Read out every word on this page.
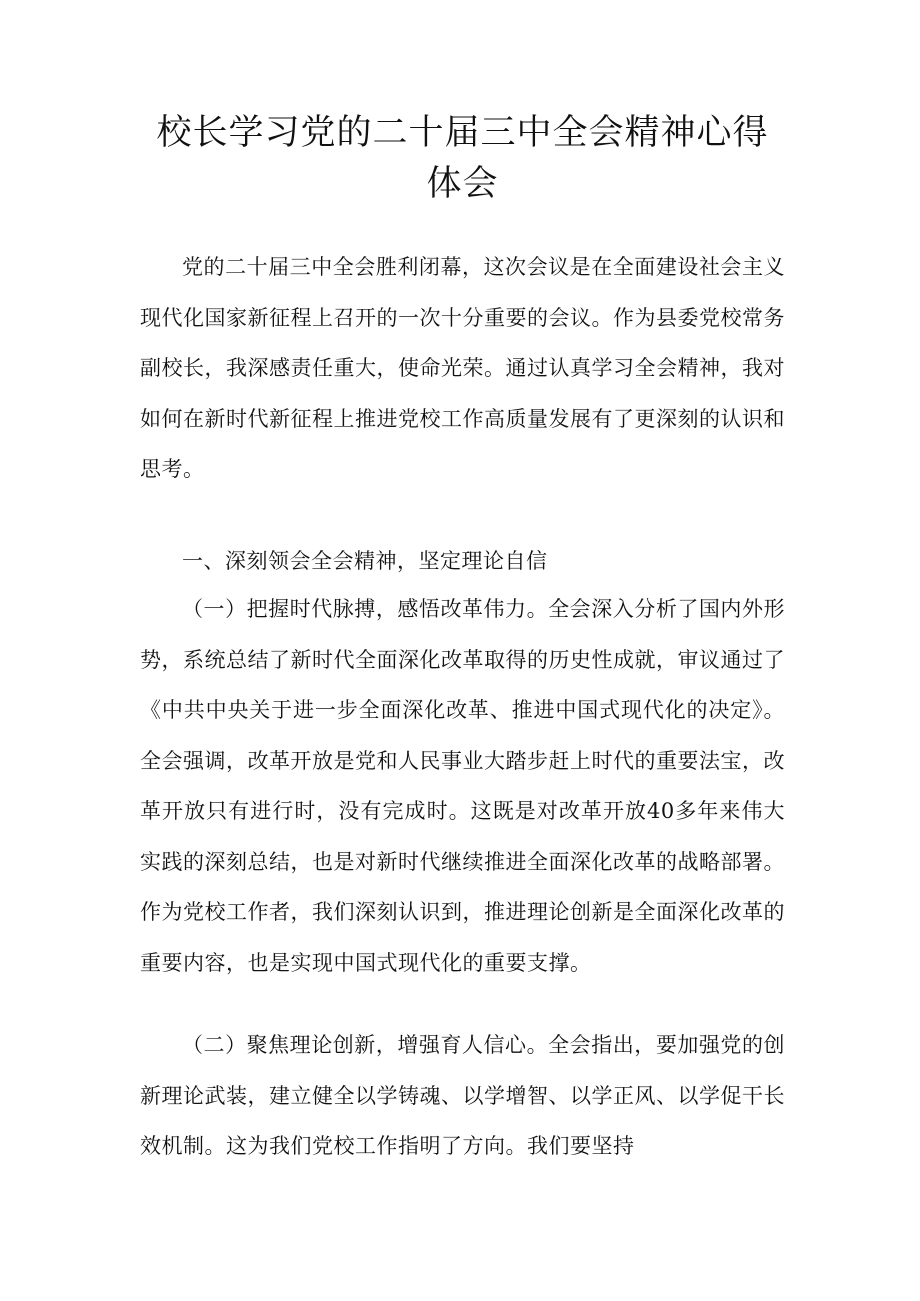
校长学习党的二十届三中全会精神心得体会

党的二十届三中全会胜利闭幕，这次会议是在全面建设社会主义现代化国家新征程上召开的一次十分重要的会议。作为县委党校常务副校长，我深感责任重大，使命光荣。通过认真学习全会精神，我对如何在新时代新征程上推进党校工作高质量发展有了更深刻的认识和思考。

一、深刻领会全会精神，坚定理论自信

（一）把握时代脉搏，感悟改革伟力。全会深入分析了国内外形势，系统总结了新时代全面深化改革取得的历史性成就，审议通过了《中共中央关于进一步全面深化改革、推进中国式现代化的决定》。全会强调，改革开放是党和人民事业大踏步赶上时代的重要法宝，改革开放只有进行时，没有完成时。这既是对改革开放40多年来伟大实践的深刻总结，也是对新时代继续推进全面深化改革的战略部署。作为党校工作者，我们深刻认识到，推进理论创新是全面深化改革的重要内容，也是实现中国式现代化的重要支撑。

（二）聚焦理论创新，增强育人信心。全会指出，要加强党的创新理论武装，建立健全以学铸魂、以学增智、以学正风、以学促干长效机制。这为我们党校工作指明了方向。我们要坚持
